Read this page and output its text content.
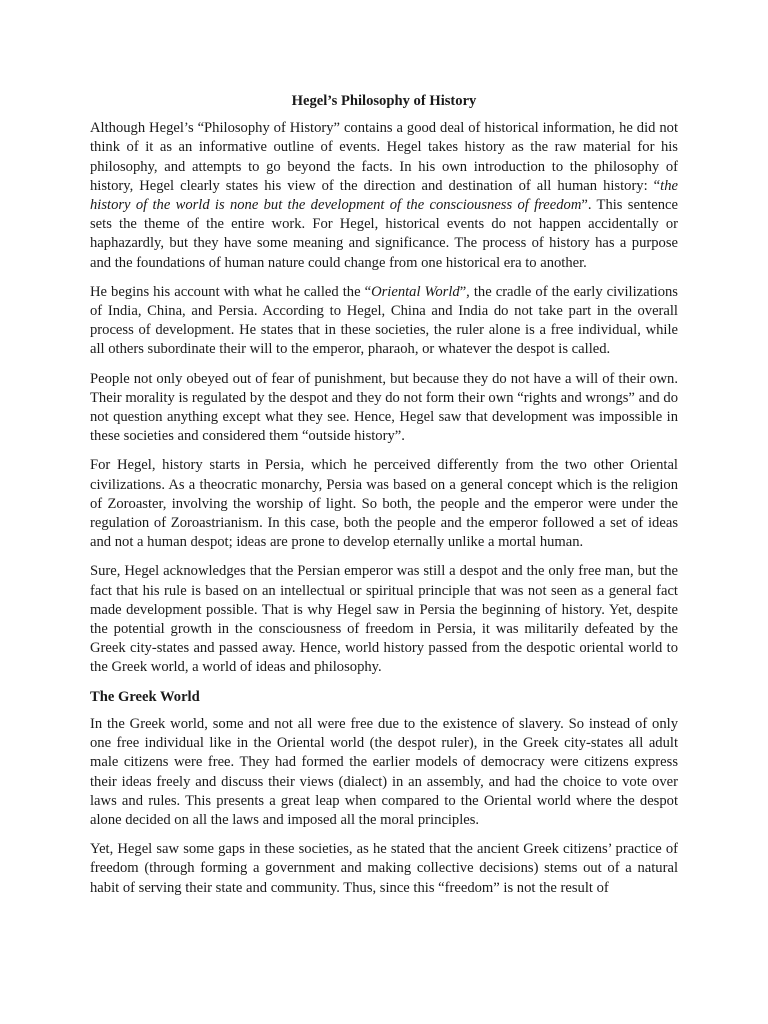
Hegel’s Philosophy of History

Although Hegel’s “Philosophy of History” contains a good deal of historical information, he did not think of it as an informative outline of events. Hegel takes history as the raw material for his philosophy, and attempts to go beyond the facts. In his own introduction to the philosophy of history, Hegel clearly states his view of the direction and destination of all human history: “the history of the world is none but the development of the consciousness of freedom”. This sentence sets the theme of the entire work. For Hegel, historical events do not happen accidentally or haphazardly, but they have some meaning and significance. The process of history has a purpose and the foundations of human nature could change from one historical era to another.

He begins his account with what he called the “Oriental World”, the cradle of the early civilizations of India, China, and Persia. According to Hegel, China and India do not take part in the overall process of development. He states that in these societies, the ruler alone is a free individual, while all others subordinate their will to the emperor, pharaoh, or whatever the despot is called.

People not only obeyed out of fear of punishment, but because they do not have a will of their own. Their morality is regulated by the despot and they do not form their own “rights and wrongs” and do not question anything except what they see. Hence, Hegel saw that development was impossible in these societies and considered them “outside history”.

For Hegel, history starts in Persia, which he perceived differently from the two other Oriental civilizations. As a theocratic monarchy, Persia was based on a general concept which is the religion of Zoroaster, involving the worship of light. So both, the people and the emperor were under the regulation of Zoroastrianism. In this case, both the people and the emperor followed a set of ideas and not a human despot; ideas are prone to develop eternally unlike a mortal human.

Sure, Hegel acknowledges that the Persian emperor was still a despot and the only free man, but the fact that his rule is based on an intellectual or spiritual principle that was not seen as a general fact made development possible. That is why Hegel saw in Persia the beginning of history. Yet, despite the potential growth in the consciousness of freedom in Persia, it was militarily defeated by the Greek city-states and passed away. Hence, world history passed from the despotic oriental world to the Greek world, a world of ideas and philosophy.

The Greek World

In the Greek world, some and not all were free due to the existence of slavery. So instead of only one free individual like in the Oriental world (the despot ruler), in the Greek city-states all adult male citizens were free. They had formed the earlier models of democracy were citizens express their ideas freely and discuss their views (dialect) in an assembly, and had the choice to vote over laws and rules. This presents a great leap when compared to the Oriental world where the despot alone decided on all the laws and imposed all the moral principles.

Yet, Hegel saw some gaps in these societies, as he stated that the ancient Greek citizens’ practice of freedom (through forming a government and making collective decisions) stems out of a natural habit of serving their state and community. Thus, since this “freedom” is not the result of
